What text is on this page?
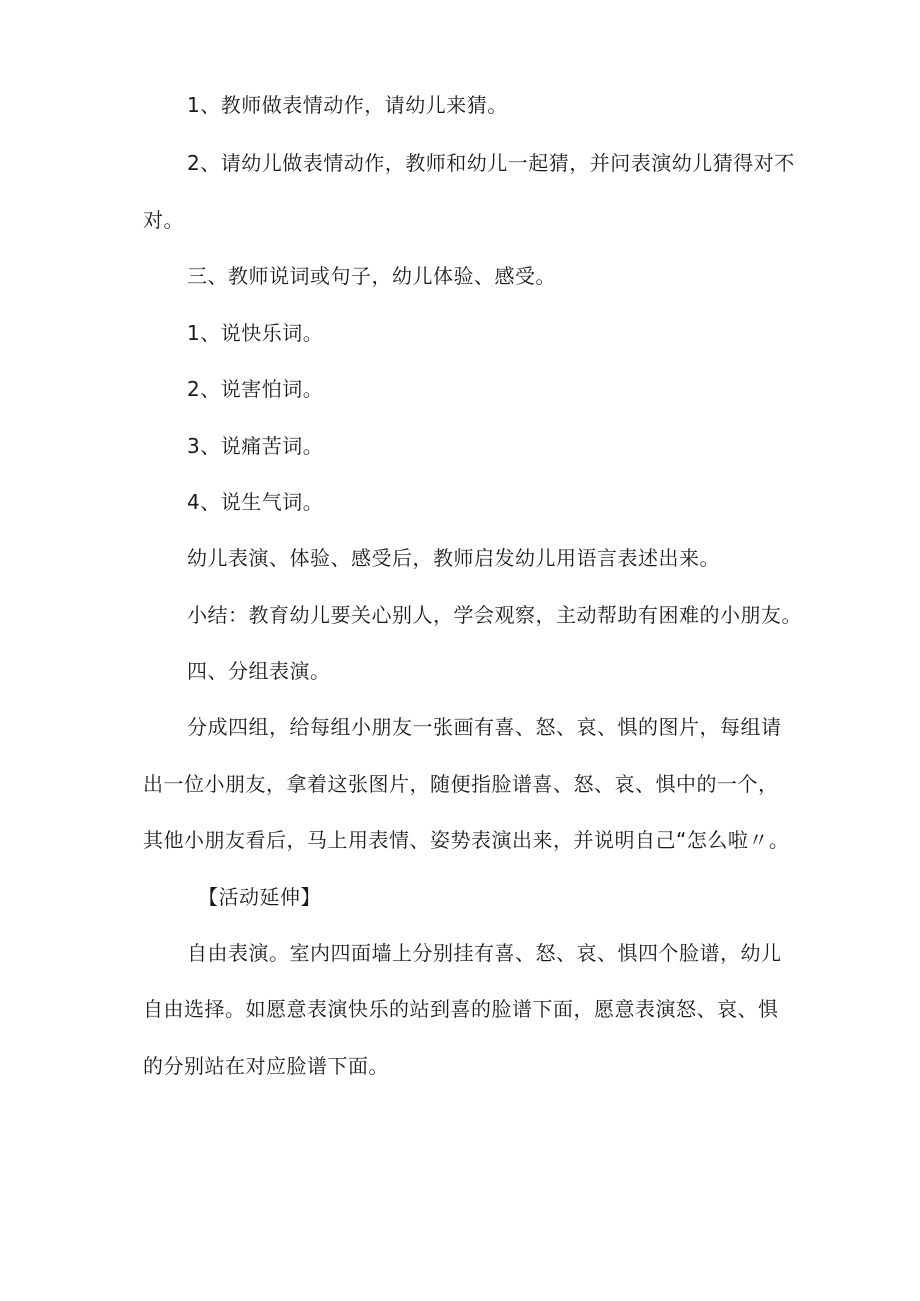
1、教师做表情动作，请幼儿来猜。
2、请幼儿做表情动作，教师和幼儿一起猜，并问表演幼儿猜得对不
对。
三、教师说词或句子，幼儿体验、感受。
1、说快乐词。
2、说害怕词。
3、说痛苦词。
4、说生气词。
幼儿表演、体验、感受后，教师启发幼儿用语言表述出来。
小结：教育幼儿要关心别人，学会观察，主动帮助有困难的小朋友。
四、分组表演。
分成四组，给每组小朋友一张画有喜、怒、哀、惧的图片，每组请
出一位小朋友，拿着这张图片，随便指脸谱喜、怒、哀、惧中的一个，
其他小朋友看后，马上用表情、姿势表演出来，并说明自己“怎么啦〃。
【活动延伸】
自由表演。室内四面墙上分别挂有喜、怒、哀、惧四个脸谱，幼儿
自由选择。如愿意表演快乐的站到喜的脸谱下面，愿意表演怒、哀、惧
的分别站在对应脸谱下面。
